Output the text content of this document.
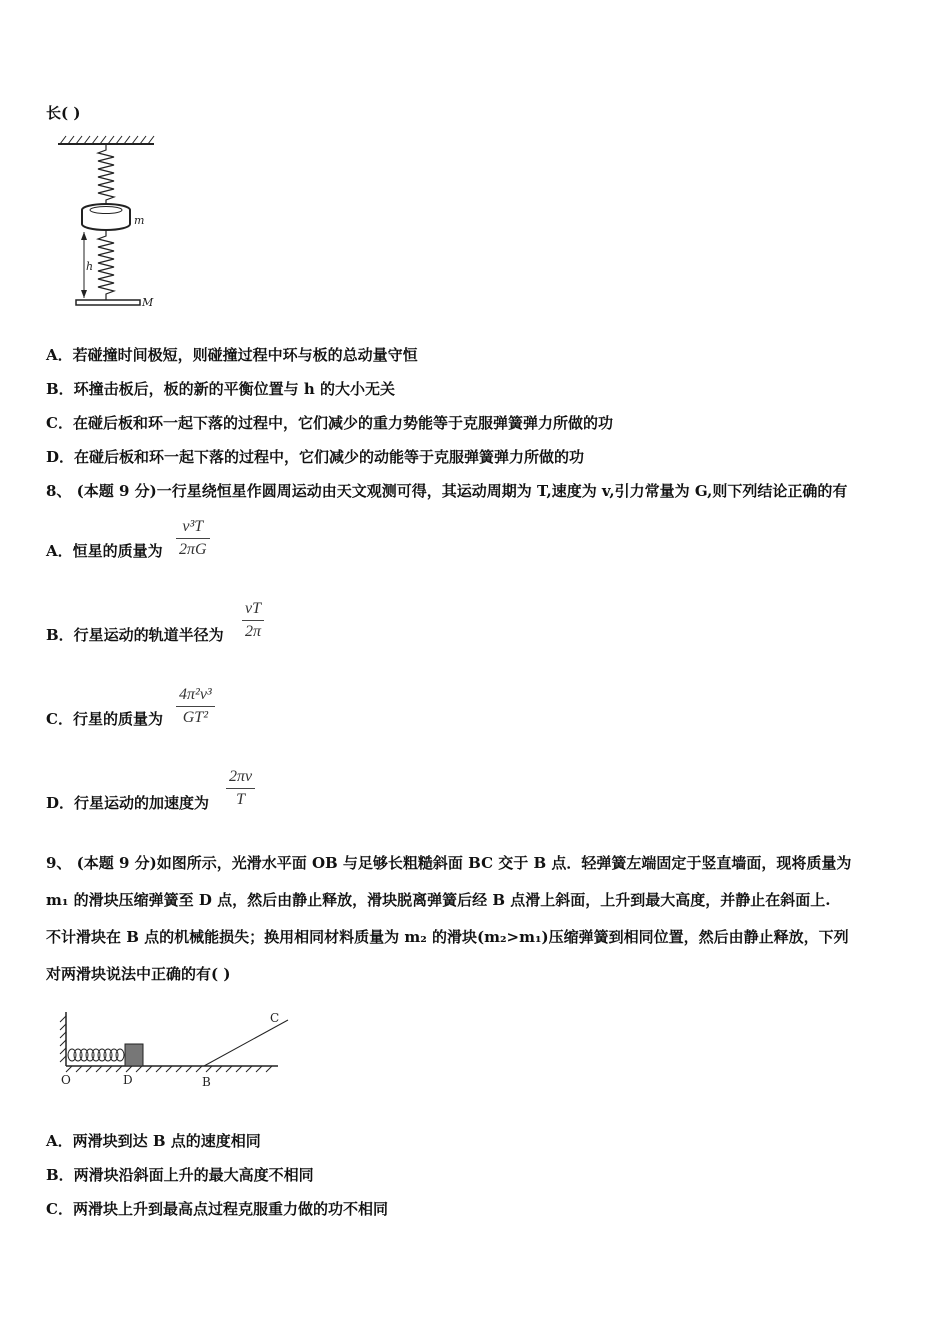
长( )
m
h
M
A．若碰撞时间极短，则碰撞过程中环与板的总动量守恒
B．环撞击板后，板的新的平衡位置与 h 的大小无关
C．在碰后板和环一起下落的过程中，它们减少的重力势能等于克服弹簧弹力所做的功
D．在碰后板和环一起下落的过程中，它们减少的动能等于克服弹簧弹力所做的功
8、 (本题 9 分)一行星绕恒星作圆周运动由天文观测可得，其运动周期为 T,速度为 v,引力常量为 G,则下列结论正确的有
A．恒星的质量为
v³T
2πG
B．行星运动的轨道半径为
vT
2π
C．行星的质量为
4π²v³
GT²
D．行星运动的加速度为
2πv
T
9、 (本题 9 分)如图所示，光滑水平面 OB 与足够长粗糙斜面 BC 交于 B 点．轻弹簧左端固定于竖直墙面，现将质量为
m₁ 的滑块压缩弹簧至 D 点，然后由静止释放，滑块脱离弹簧后经 B 点滑上斜面，上升到最大高度，并静止在斜面上.
不计滑块在 B 点的机械能损失；换用相同材料质量为 m₂ 的滑块(m₂>m₁)压缩弹簧到相同位置，然后由静止释放，下列
对两滑块说法中正确的有( )
O	D	B
C
A．两滑块到达 B 点的速度相同
B．两滑块沿斜面上升的最大高度不相同
C．两滑块上升到最高点过程克服重力做的功不相同
